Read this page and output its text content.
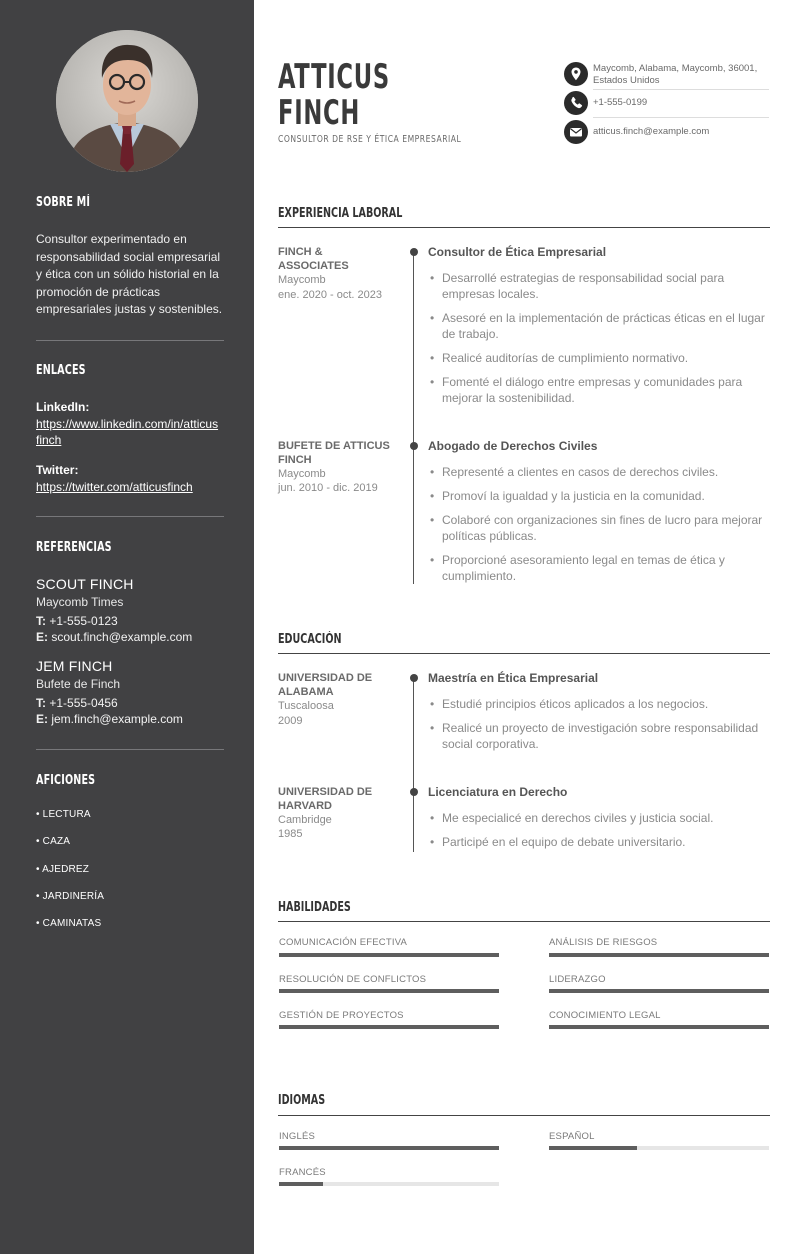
SOBRE MÍ
Consultor experimentado en responsabilidad social empresarial y ética con un sólido historial en la promoción de prácticas empresariales justas y sostenibles.
ENLACES
LinkedIn:
https://www.linkedin.com/in/atticusfinch
Twitter:
https://twitter.com/atticusfinch
REFERENCIAS
SCOUT FINCH
Maycomb Times
T: +1-555-0123
E: scout.finch@example.com
JEM FINCH
Bufete de Finch
T: +1-555-0456
E: jem.finch@example.com
AFICIONES
• LECTURA
• CAZA
• AJEDREZ
• JARDINERÍA
• CAMINATAS
ATTICUS
FINCH
CONSULTOR DE RSE Y ÉTICA EMPRESARIAL
Maycomb, Alabama, Maycomb, 36001, Estados Unidos
+1-555-0199
atticus.finch@example.com
EXPERIENCIA LABORAL
FINCH & ASSOCIATES
Maycomb
ene. 2020 - oct. 2023
Consultor de Ética Empresarial
• Desarrollé estrategias de responsabilidad social para empresas locales.
• Asesoré en la implementación de prácticas éticas en el lugar de trabajo.
• Realicé auditorías de cumplimiento normativo.
• Fomenté el diálogo entre empresas y comunidades para mejorar la sostenibilidad.
BUFETE DE ATTICUS FINCH
Maycomb
jun. 2010 - dic. 2019
Abogado de Derechos Civiles
• Representé a clientes en casos de derechos civiles.
• Promoví la igualdad y la justicia en la comunidad.
• Colaboré con organizaciones sin fines de lucro para mejorar políticas públicas.
• Proporcioné asesoramiento legal en temas de ética y cumplimiento.
EDUCACIÓN
UNIVERSIDAD DE ALABAMA
Tuscaloosa
2009
Maestría en Ética Empresarial
• Estudié principios éticos aplicados a los negocios.
• Realicé un proyecto de investigación sobre responsabilidad social corporativa.
UNIVERSIDAD DE HARVARD
Cambridge
1985
Licenciatura en Derecho
• Me especialicé en derechos civiles y justicia social.
• Participé en el equipo de debate universitario.
HABILIDADES
COMUNICACIÓN EFECTIVA	ANÁLISIS DE RIESGOS
RESOLUCIÓN DE CONFLICTOS	LIDERAZGO
GESTIÓN DE PROYECTOS	CONOCIMIENTO LEGAL
IDIOMAS
INGLÉS	ESPAÑOL
FRANCÉS
